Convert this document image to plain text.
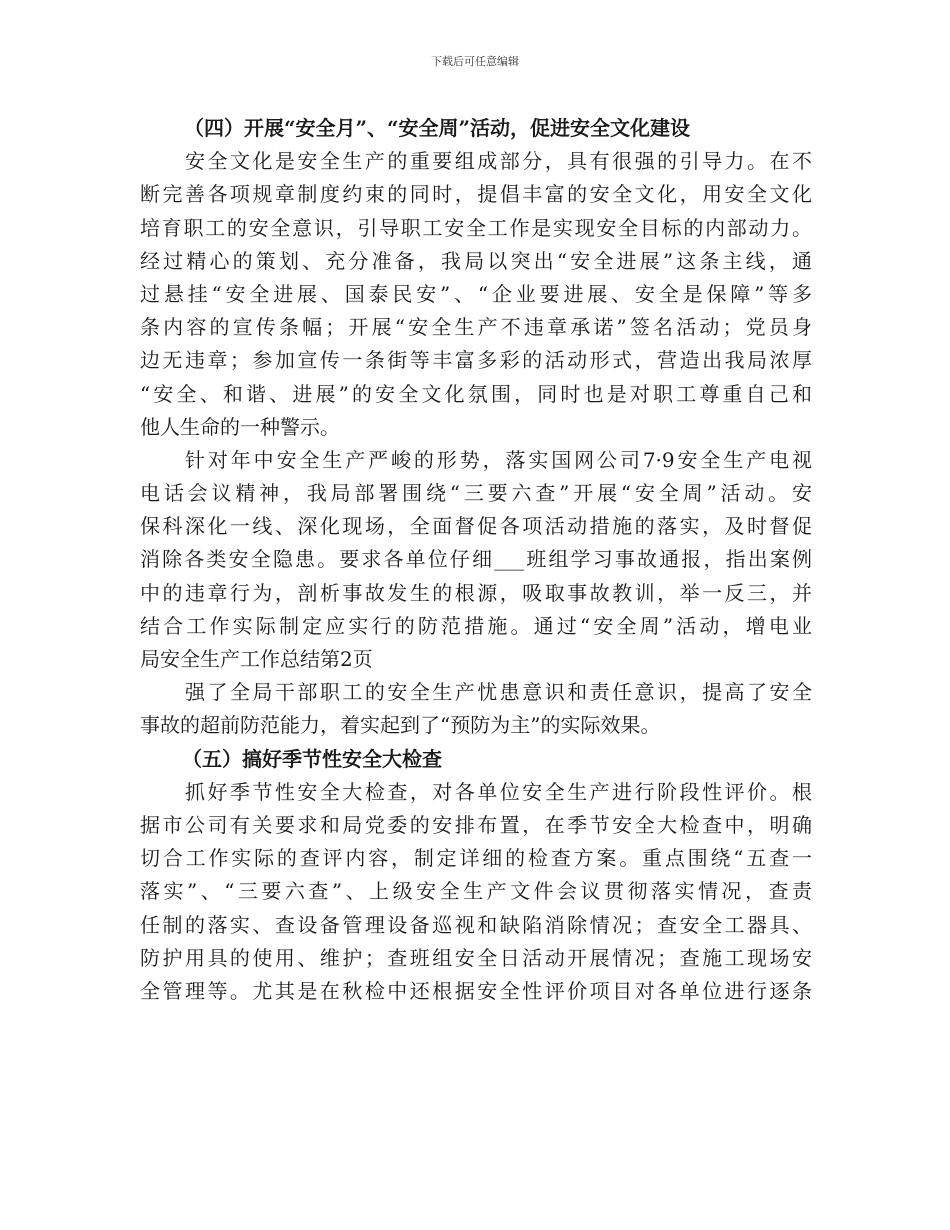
下载后可任意编辑
（四）开展“安全月”、“安全周”活动，促进安全文化建设
安全文化是安全生产的重要组成部分，具有很强的引导力。在不
断完善各项规章制度约束的同时，提倡丰富的安全文化，用安全文化
培育职工的安全意识，引导职工安全工作是实现安全目标的内部动力。
经过精心的策划、充分准备，我局以突出“安全进展”这条主线，通
过悬挂“安全进展、国泰民安”、“企业要进展、安全是保障”等多
条内容的宣传条幅；开展“安全生产不违章承诺”签名活动；党员身
边无违章；参加宣传一条街等丰富多彩的活动形式，营造出我局浓厚
“安全、和谐、进展”的安全文化氛围，同时也是对职工尊重自己和
他人生命的一种警示。
针对年中安全生产严峻的形势，落实国网公司7·9安全生产电视
电话会议精神，我局部署围绕“三要六查”开展“安全周”活动。安
保科深化一线、深化现场，全面督促各项活动措施的落实，及时督促
消除各类安全隐患。要求各单位仔细___班组学习事故通报，指出案例
中的违章行为，剖析事故发生的根源，吸取事故教训，举一反三，并
结合工作实际制定应实行的防范措施。通过“安全周”活动，增电业
局安全生产工作总结第2页
强了全局干部职工的安全生产忧患意识和责任意识，提高了安全
事故的超前防范能力，着实起到了“预防为主”的实际效果。
（五）搞好季节性安全大检查
抓好季节性安全大检查，对各单位安全生产进行阶段性评价。根
据市公司有关要求和局党委的安排布置，在季节安全大检查中，明确
切合工作实际的查评内容，制定详细的检查方案。重点围绕“五查一
落实”、“三要六查”、上级安全生产文件会议贯彻落实情况，查责
任制的落实、查设备管理设备巡视和缺陷消除情况；查安全工器具、
防护用具的使用、维护；查班组安全日活动开展情况；查施工现场安
全管理等。尤其是在秋检中还根据安全性评价项目对各单位进行逐条
